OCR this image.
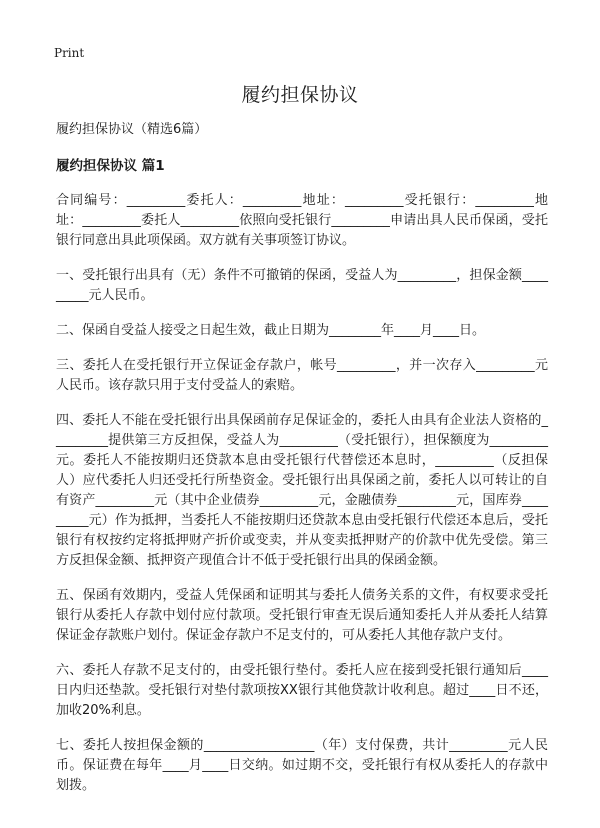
Print
履约担保协议

履约担保协议（精选6篇）

履约担保协议 篇1

合同编号：_________委托人：_________地址：_________受托银行：_________地址：_________委托人_________依照向受托银行_________申请出具人民币保函，受托银行同意出具此项保函。双方就有关事项签订协议。

一、受托银行出具有（无）条件不可撤销的保函，受益人为_________，担保金额_________元人民币。

二、保函自受益人接受之日起生效，截止日期为________年____月____日。

三、委托人在受托银行开立保证金存款户，帐号_________，并一次存入_________元人民币。该存款只用于支付受益人的索赔。

四、委托人不能在受托银行出具保函前存足保证金的，委托人由具有企业法人资格的_________提供第三方反担保，受益人为_________（受托银行），担保额度为_________元。委托人不能按期归还贷款本息由受托银行代替偿还本息时，_________（反担保人）应代委托人归还受托行所垫资金。受托银行出具保函之前，委托人以可转让的自有资产_________元（其中企业债券_________元，金融债券_________元，国库券_________元）作为抵押，当委托人不能按期归还贷款本息由受托银行代偿还本息后，受托银行有权按约定将抵押财产折价或变卖，并从变卖抵押财产的价款中优先受偿。第三方反担保金额、抵押资产现值合计不低于受托银行出具的保函金额。

五、保函有效期内，受益人凭保函和证明其与委托人债务关系的文件，有权要求受托银行从委托人存款中划付应付款项。受托银行审查无误后通知委托人并从委托人结算保证金存款账户划付。保证金存款户不足支付的，可从委托人其他存款户支付。

六、委托人存款不足支付的，由受托银行垫付。委托人应在接到受托银行通知后____日内归还垫款。受托银行对垫付款项按XX银行其他贷款计收利息。超过____日不还，加收20%利息。

七、委托人按担保金额的_________________（年）支付保费，共计_________元人民币。保证费在每年____月____日交纳。如过期不交，受托银行有权从委托人的存款中划拨。
